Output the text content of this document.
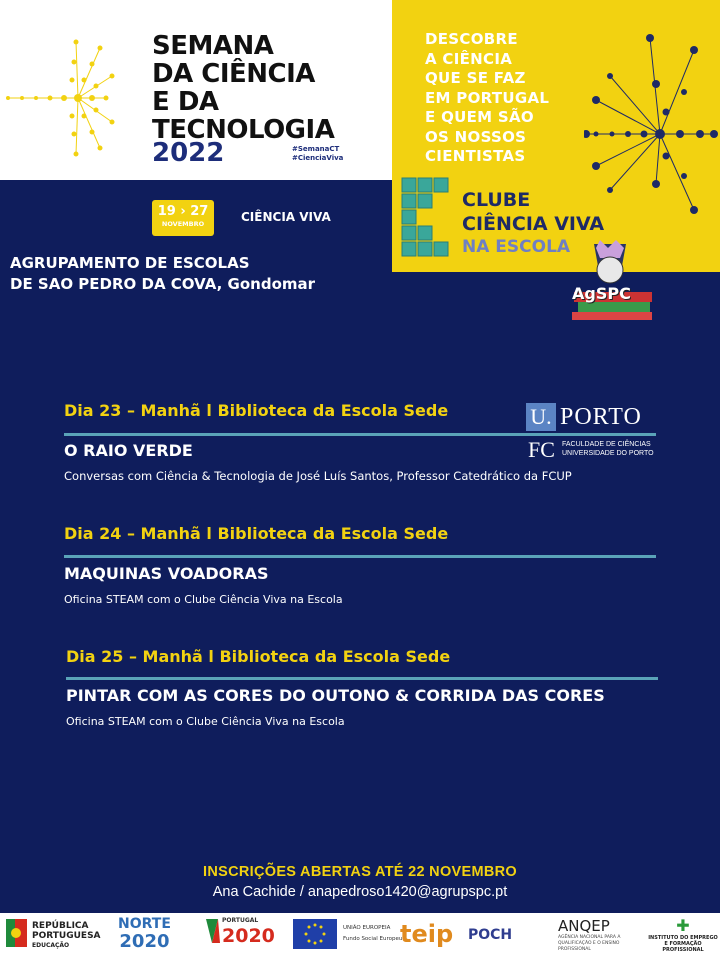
SEMANA
DA CIÊNCIA
E DA
TECNOLOGIA
2022	#SemanaCT
#CienciaViva
DESCOBRE
A CIÊNCIA
QUE SE FAZ
EM PORTUGAL
E QUEM SÃO
OS NOSSOS
CIENTISTAS
CLUBE
CIÊNCIA VIVA
NA ESCOLA
19 › 27
NOVEMBRO	CIÊNCIA VIVA
AgSPC
AGRUPAMENTO DE ESCOLAS
DE SAO PEDRO DA COVA, Gondomar
U. PORTO
FC FACULDADE DE CIÊNCIAS
UNIVERSIDADE DO PORTO
Dia 23 – Manhã l Biblioteca da Escola Sede
O RAIO VERDE
Conversas com Ciência & Tecnologia de José Luís Santos, Professor Catedrático da FCUP
Dia 24 – Manhã l Biblioteca da Escola Sede
MAQUINAS VOADORAS
Oficina STEAM com o Clube Ciência Viva na Escola
Dia 25 – Manhã l Biblioteca da Escola Sede
PINTAR COM AS CORES DO OUTONO & CORRIDA DAS CORES
Oficina STEAM com o Clube Ciência Viva na Escola
INSCRIÇÕES ABERTAS ATÉ 22 NOVEMBRO
Ana Cachide / anapedroso1420@agrupspc.pt
REPÚBLICA
PORTUGUESA
EDUCAÇÃO
NORTE
2020
PORTUGAL
2020	UNIÃO EUROPEIA
Fundo Social Europeu
teip POCH	ANQEP
AGÊNCIA NACIONAL PARA A QUALIFICAÇÃO E O ENSINO PROFISSIONAL
✚
INSTITUTO DO EMPREGO
E FORMAÇÃO PROFISSIONAL
